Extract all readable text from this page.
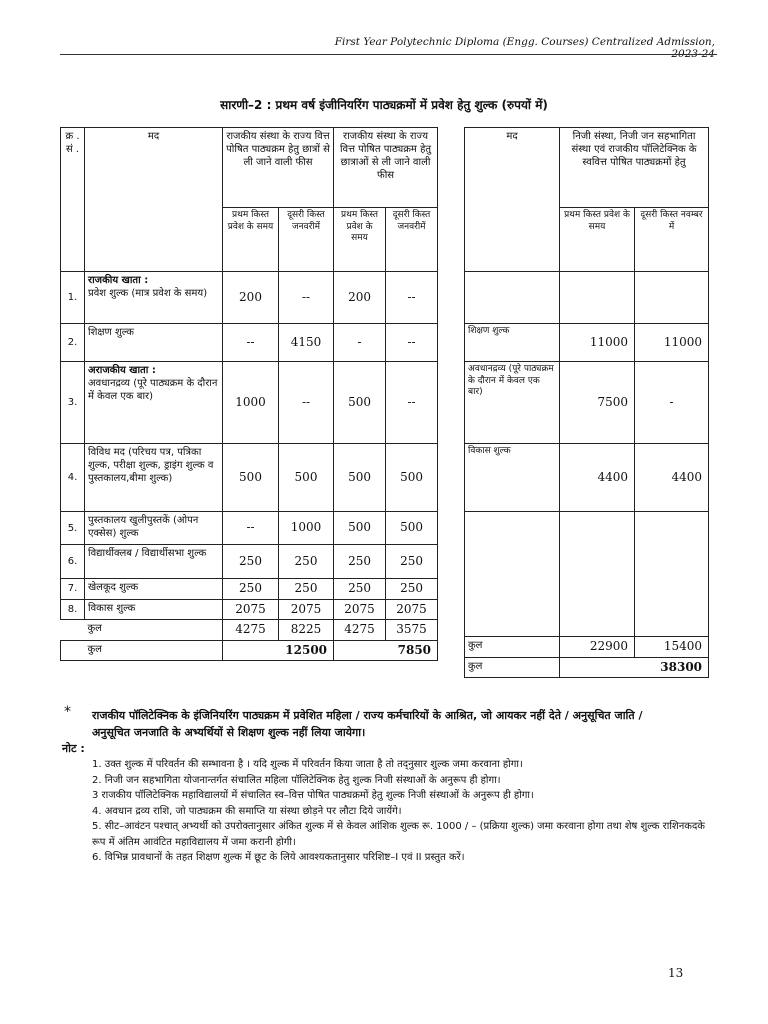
First Year Polytechnic Diploma (Engg. Courses) Centralized Admission, 2023-24
सारणी–2 : प्रथम वर्ष इंजीनियरिंग पाठ्यक्रमों में प्रवेश हेतु शुल्क (रुपयों में)
क्र . सं .	मद	राजकीय संस्था के राज्य वित्त पोषित पाठ्यक्रम हेतु छात्रों से ली जाने वाली फीस		राजकीय संस्था के राज्य वित्त पोषित पाठ्यक्रम हेतु छात्राओं से ली जाने वाली फीस	
		प्रथम किस्त प्रवेश के समय	दूसरी किस्त जनवरीमें	प्रथम किस्त प्रवेश के समय	दूसरी किस्त जनवरीमें
1.	राजकीय खाता :
प्रवेश शुल्क (मात्र प्रवेश के समय)	200	--	200	--
2.	शिक्षण शुल्क	--	4150	-	--
3.	अराजकीय खाता :
अवधानद्रव्य (पूरे पाठ्यक्रम के दौरान में केवल एक बार)	1000	--	500	--
4.	विविध मद (परिचय पत्र, पत्रिका शुल्क, परीक्षा शुल्क, ड्राइंग शुल्क व पुस्तकालय,बीमा शुल्क)	500	500	500	500
5.	पुस्तकालय खुलीपुस्तकें (ओपन एक्सेस) शुल्क	--	1000	500	500
6.	विद्यार्थीक्लब / विद्यार्थीसभा शुल्क	250	250	250	250
7.	खेलकूद शुल्क	250	250	250	250
8.	विकास शुल्क	2075	2075	2075	2075
	कुल	4275	8225	4275	3575
	कुल	12500		7850	
मद	निजी संस्था, निजी जन सहभागिता संस्था एवं राजकीय पॉलिटेक्निक के स्ववित्त पोषित पाठ्यक्रमों हेतु	
	प्रथम किस्त प्रवेश के समय	दूसरी किस्त नवम्बर में

शिक्षण शुल्क	11000	11000
अवधानद्रव्य (पूरे पाठ्यक्रम के दौरान में केवल एक बार)	7500	-
विकास शुल्क	4400	4400

कुल	22900	15400
कुल	38300	
* राजकीय पॉलिटेक्निक के इंजिनियरिंग पाठ्यक्रम में प्रवेशित महिला / राज्य कर्मचारियों के आश्रित, जो आयकर नहीं देते / अनुसूचित जाति / अनुसूचित जनजाति के अभ्यर्थियों से शिक्षण शुल्क नहीं लिया जायेगा।
नोट :
1. उक्त शुल्क में परिवर्तन की सम्भावना है । यदि शुल्क में परिवर्तन किया जाता है तो तद्नुसार शुल्क जमा करवाना होगा।
2. निजी जन सहभागिता योजनान्तर्गत संचालित महिला पॉलिटेक्निक हेतु शुल्क निजी संस्थाओं के अनुरूप ही होगा।
3 राजकीय पॉलिटेक्निक महाविद्यालयों में संचालित स्व–वित्त पोषित पाठ्यक्रमों हेतु शुल्क निजी संस्थाओं के अनुरूप ही होगा।
4. अवधान द्रव्य राशि, जो पाठ्यक्रम की समाप्ति या संस्था छोड़ने पर लौटा दिये जायेंगे।
5. सीट–आवंटन पश्चात् अभ्यर्थी को उपरोक्तानुसार अंकित शुल्क में से केवल आंशिक शुल्क रू. 1000 / – (प्रक्रिया शुल्क) जमा करवाना होगा तथा शेष शुल्क राशिनकदके रूप में अंतिम आवंटित महाविद्यालय में जमा करानी होगी।
6. विभिन्न प्रावधानों के तहत शिक्षण शुल्क में छूट के लिये आवश्यकतानुसार परिशिष्ट–I एवं II प्रस्तुत करें।
13
